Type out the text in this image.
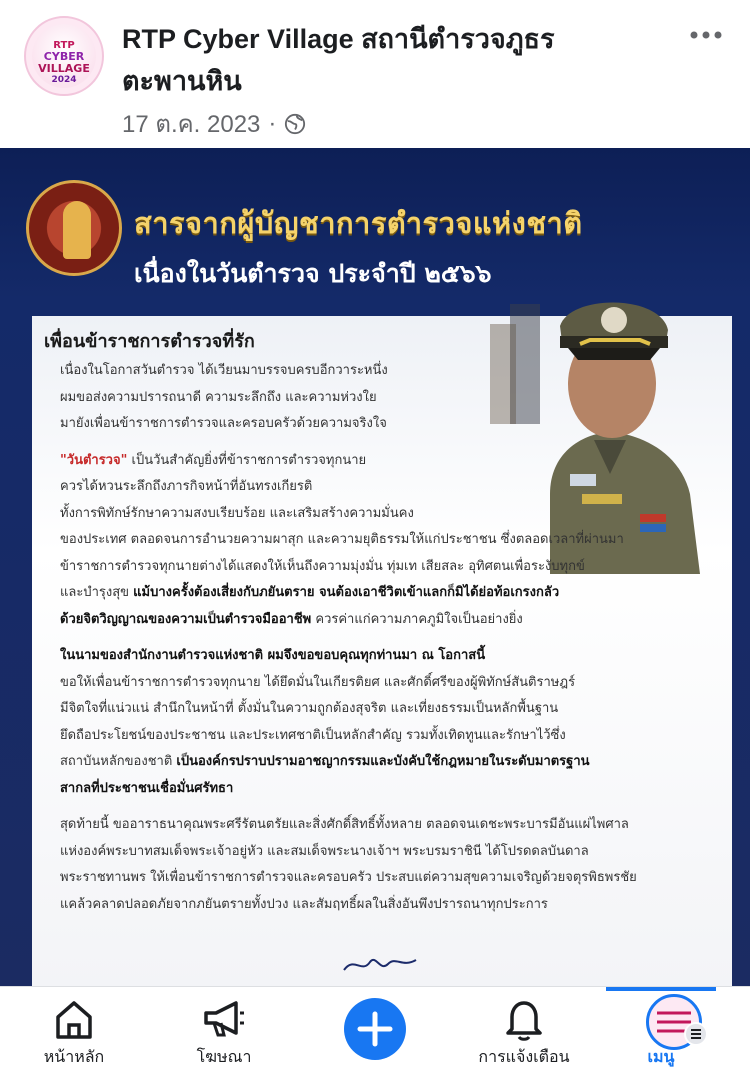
RTP
CYBER
VILLAGE
2024
RTP Cyber Village สถานีตำรวจภูธรตะพานหิน
17 ต.ค. 2023 ·
สารจากผู้บัญชาการตำรวจแห่งชาติ
เนื่องในวันตำรวจ ประจำปี ๒๕๖๖
เพื่อนข้าราชการตำรวจที่รัก

เนื่องในโอกาสวันตำรวจ ได้เวียนมาบรรจบครบอีกวาระหนึ่ง

ผมขอส่งความปรารถนาดี ความระลึกถึง และความห่วงใย

มายังเพื่อนข้าราชการตำรวจและครอบครัวด้วยความจริงใจ

"วันตำรวจ" เป็นวันสำคัญยิ่งที่ข้าราชการตำรวจทุกนาย

ควรได้หวนระลึกถึงภารกิจหน้าที่อันทรงเกียรติ

ทั้งการพิทักษ์รักษาความสงบเรียบร้อย และเสริมสร้างความมั่นคง

ของประเทศ ตลอดจนการอำนวยความผาสุก และความยุติธรรมให้แก่ประชาชน ซึ่งตลอดเวลาที่ผ่านมา

ข้าราชการตำรวจทุกนายต่างได้แสดงให้เห็นถึงความมุ่งมั่น ทุ่มเท เสียสละ อุทิศตนเพื่อระงับทุกข์

และบำรุงสุข แม้บางครั้งต้องเสี่ยงกับภยันตราย จนต้องเอาชีวิตเข้าแลกก็มิได้ย่อท้อเกรงกลัว

ด้วยจิตวิญญาณของความเป็นตำรวจมืออาชีพ ควรค่าแก่ความภาคภูมิใจเป็นอย่างยิ่ง

ในนามของสำนักงานตำรวจแห่งชาติ ผมจึงขอขอบคุณทุกท่านมา ณ โอกาสนี้

ขอให้เพื่อนข้าราชการตำรวจทุกนาย ได้ยึดมั่นในเกียรติยศ และศักดิ์ศรีของผู้พิทักษ์สันติราษฎร์

มีจิตใจที่แน่วแน่ สำนึกในหน้าที่ ตั้งมั่นในความถูกต้องสุจริต และเที่ยงธรรมเป็นหลักพื้นฐาน

ยึดถือประโยชน์ของประชาชน และประเทศชาติเป็นหลักสำคัญ รวมทั้งเทิดทูนและรักษาไว้ซึ่ง

สถาบันหลักของชาติ เป็นองค์กรปราบปรามอาชญากรรมและบังคับใช้กฎหมายในระดับมาตรฐาน

สากลที่ประชาชนเชื่อมั่นศรัทธา

สุดท้ายนี้ ขออาราธนาคุณพระศรีรัตนตรัยและสิ่งศักดิ์สิทธิ์ทั้งหลาย ตลอดจนเดชะพระบารมีอันแผ่ไพศาล

แห่งองค์พระบาทสมเด็จพระเจ้าอยู่หัว และสมเด็จพระนางเจ้าฯ พระบรมราชินี ได้โปรดดลบันดาล

พระราชทานพร ให้เพื่อนข้าราชการตำรวจและครอบครัว ประสบแต่ความสุขความเจริญด้วยจตุรพิธพรชัย

แคล้วคลาดปลอดภัยจากภยันตรายทั้งปวง และสัมฤทธิ์ผลในสิ่งอันพึงปรารถนาทุกประการ

หน้าหลัก	โฆษณา	การแจ้งเตือน	เมนู
